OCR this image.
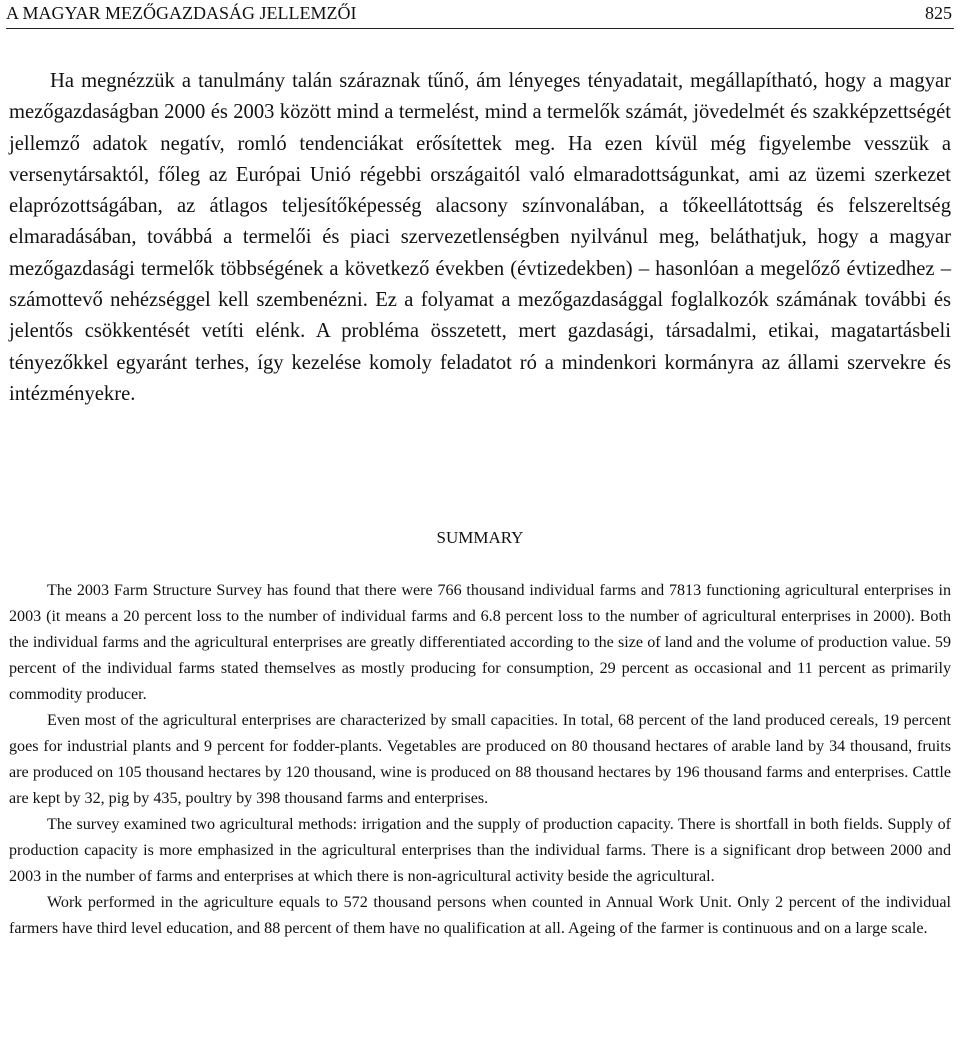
A MAGYAR MEZŐGAZDASÁG JELLEMZŐI	825

Ha megnézzük a tanulmány talán száraznak tűnő, ám lényeges tényadatait, megállapítható, hogy a magyar mezőgazdaságban 2000 és 2003 között mind a termelést, mind a termelők számát, jövedelmét és szakképzettségét jellemző adatok negatív, romló tendenciákat erősítettek meg. Ha ezen kívül még figyelembe vesszük a versenytársaktól, főleg az Európai Unió régebbi országaitól való elmaradottságunkat, ami az üzemi szerkezet elaprózottságában, az átlagos teljesítőképesség alacsony színvonalában, a tőkeellátottság és felszereltség elmaradásában, továbbá a termelői és piaci szervezetlenségben nyilvánul meg, beláthatjuk, hogy a magyar mezőgazdasági termelők többségének a következő években (évtizedekben) – hasonlóan a megelőző évtizedhez – számottevő nehézséggel kell szembenézni. Ez a folyamat a mezőgazdasággal foglalkozók számának további és jelentős csökkentését vetíti elénk. A probléma összetett, mert gazdasági, társadalmi, etikai, magatartásbeli tényezőkkel egyaránt terhes, így kezelése komoly feladatot ró a mindenkori kormányra az állami szervekre és intézményekre.

SUMMARY

The 2003 Farm Structure Survey has found that there were 766 thousand individual farms and 7813 functioning agricultural enterprises in 2003 (it means a 20 percent loss to the number of individual farms and 6.8 percent loss to the number of agricultural enterprises in 2000). Both the individual farms and the agricultural enterprises are greatly differentiated according to the size of land and the volume of production value. 59 percent of the individual farms stated themselves as mostly producing for consumption, 29 percent as occasional and 11 percent as primarily commodity producer.

Even most of the agricultural enterprises are characterized by small capacities. In total, 68 percent of the land produced cereals, 19 percent goes for industrial plants and 9 percent for fodder-plants. Vegetables are produced on 80 thousand hectares of arable land by 34 thousand, fruits are produced on 105 thousand hectares by 120 thousand, wine is produced on 88 thousand hectares by 196 thousand farms and enterprises. Cattle are kept by 32, pig by 435, poultry by 398 thousand farms and enterprises.

The survey examined two agricultural methods: irrigation and the supply of production capacity. There is shortfall in both fields. Supply of production capacity is more emphasized in the agricultural enterprises than the individual farms. There is a significant drop between 2000 and 2003 in the number of farms and enterprises at which there is non-agricultural activity beside the agricultural.

Work performed in the agriculture equals to 572 thousand persons when counted in Annual Work Unit. Only 2 percent of the individual farmers have third level education, and 88 percent of them have no qualification at all. Ageing of the farmer is continuous and on a large scale.
